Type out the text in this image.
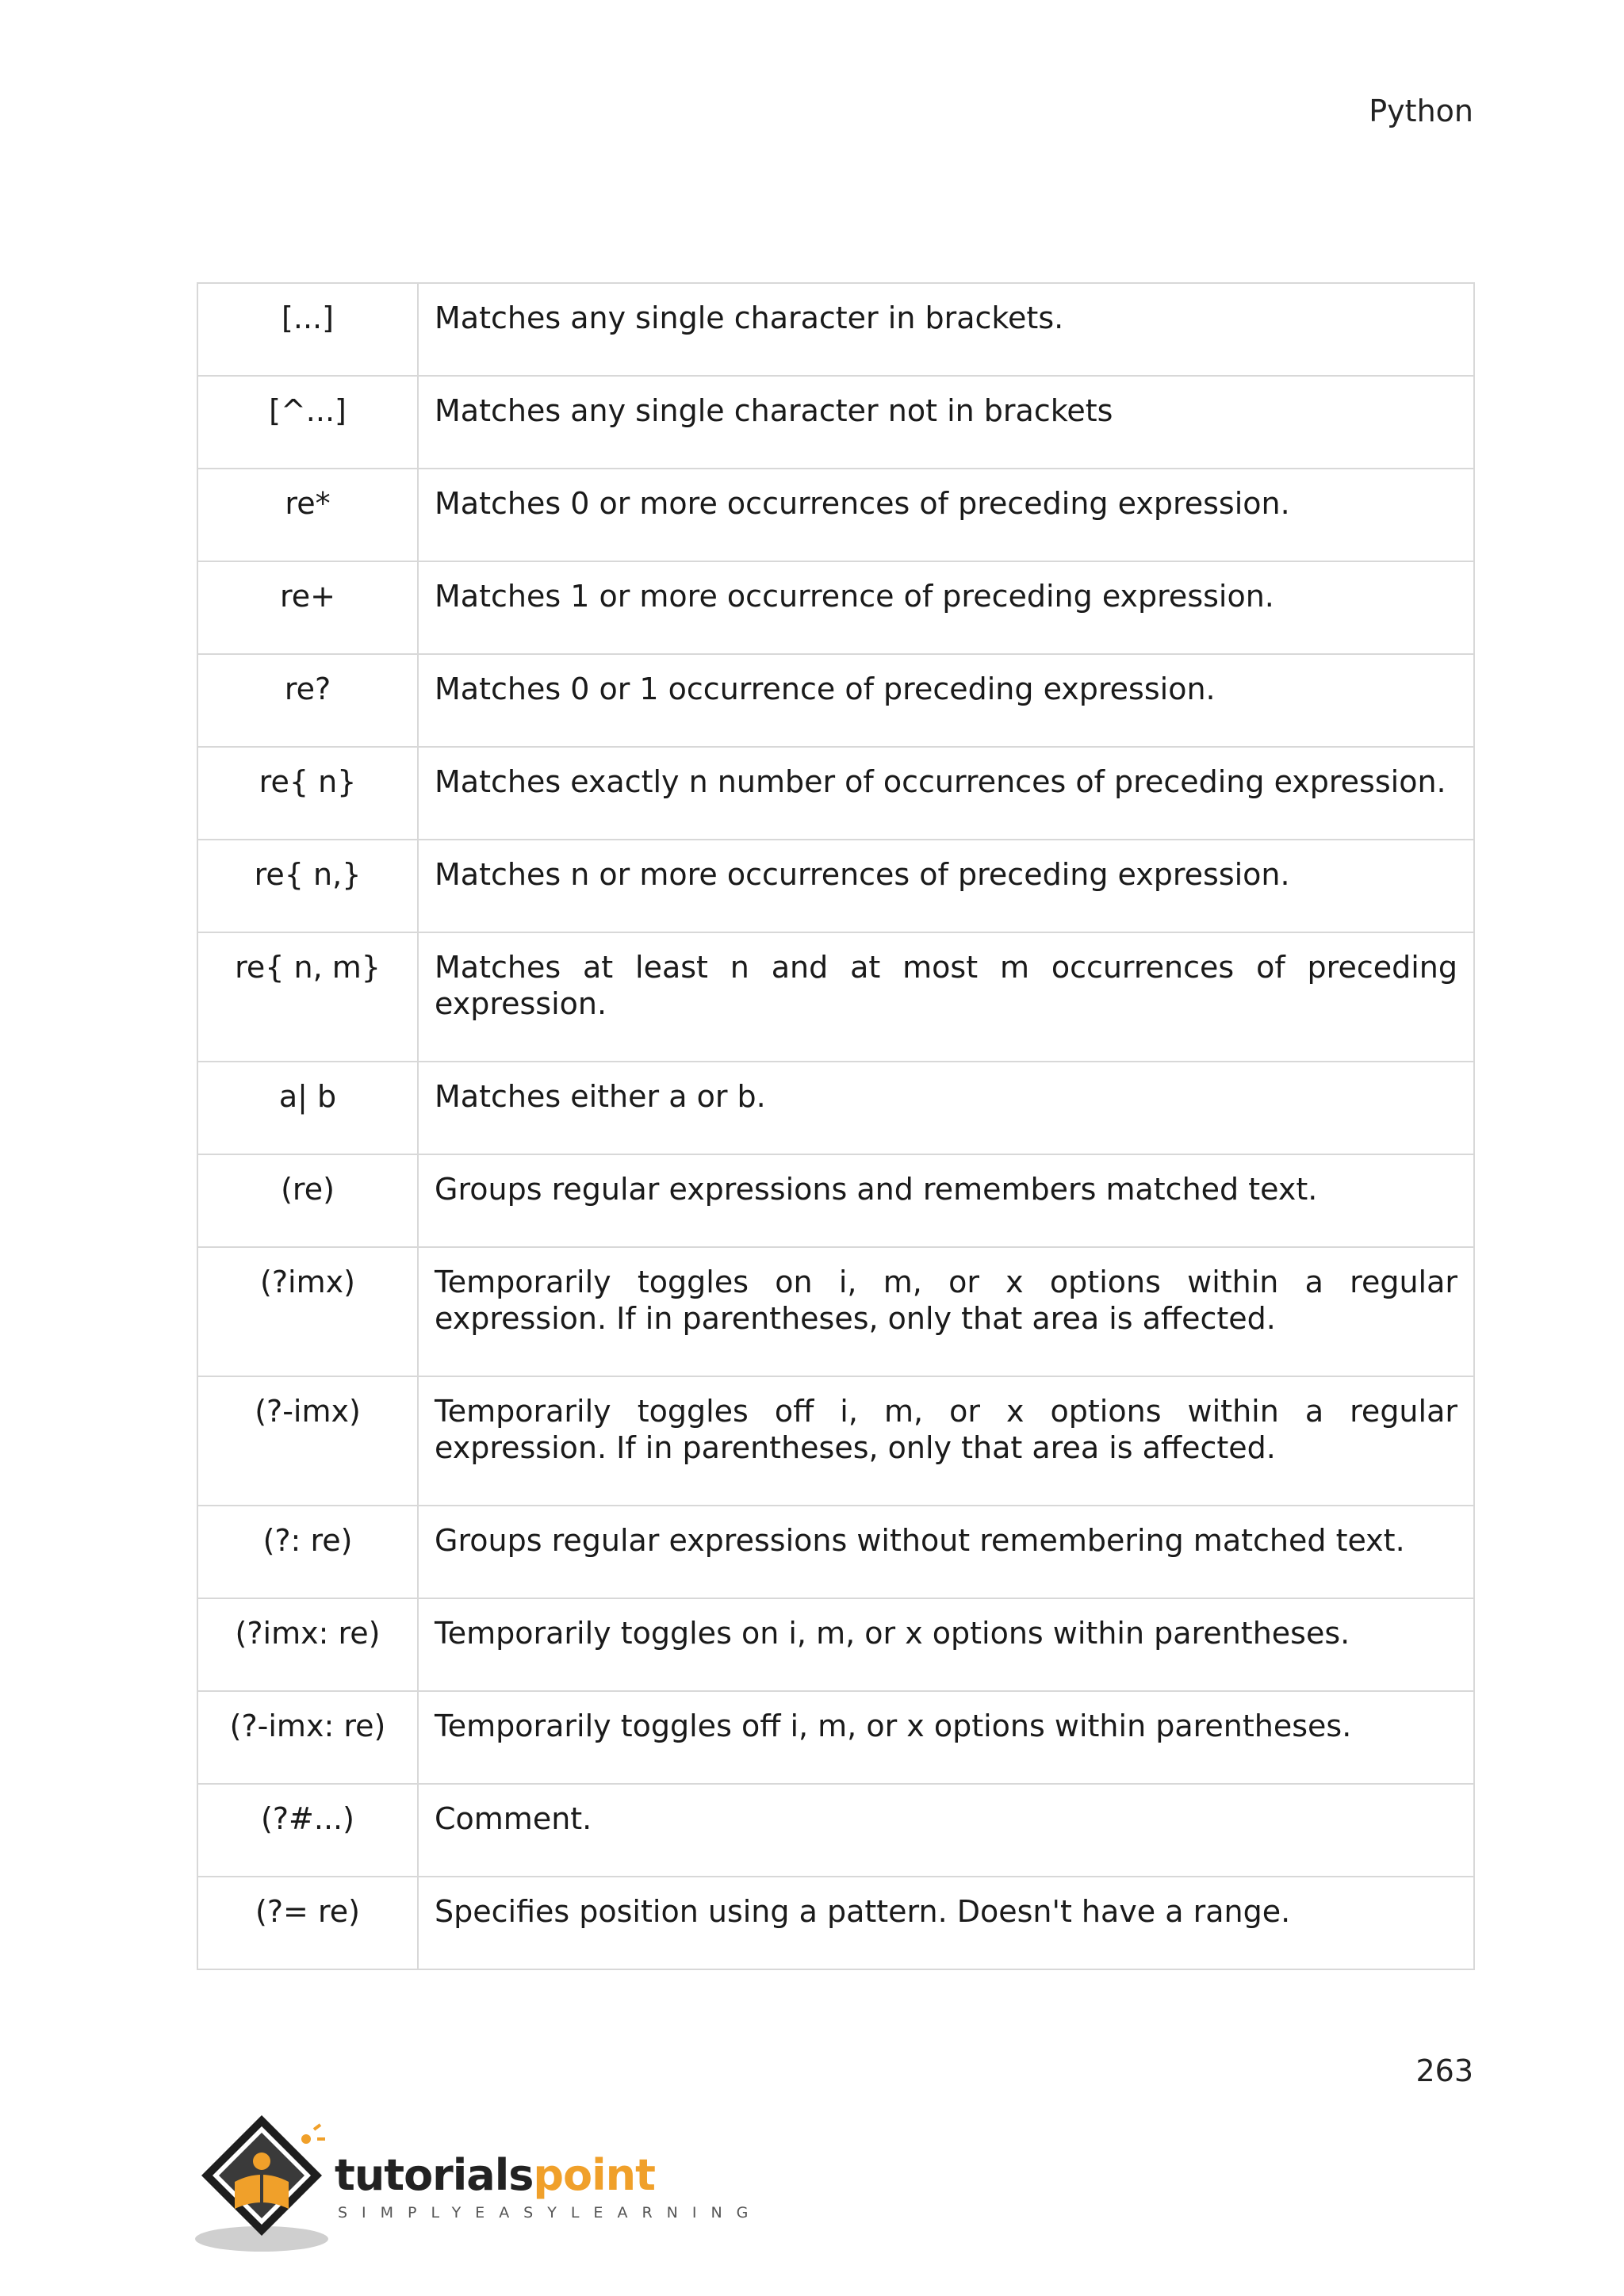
Python
[...]	Matches any single character in brackets.
[^...]	Matches any single character not in brackets
re*	Matches 0 or more occurrences of preceding expression.
re+	Matches 1 or more occurrence of preceding expression.
re?	Matches 0 or 1 occurrence of preceding expression.
re{ n}	Matches exactly n number of occurrences of preceding expression.
re{ n,}	Matches n or more occurrences of preceding expression.
re{ n, m}	Matches at least n and at most m occurrences of preceding expression.
a| b	Matches either a or b.
(re)	Groups regular expressions and remembers matched text.
(?imx)	Temporarily toggles on i, m, or x options within a regular expression. If in parentheses, only that area is affected.
(?-imx)	Temporarily toggles off i, m, or x options within a regular expression. If in parentheses, only that area is affected.
(?: re)	Groups regular expressions without remembering matched text.
(?imx: re)	Temporarily toggles on i, m, or x options within parentheses.
(?-imx: re)	Temporarily toggles off i, m, or x options within parentheses.
(?#...)	Comment.
(?= re)	Specifies position using a pattern. Doesn't have a range.
263
tutorialspoint
SIMPLYEASYLEARNING
